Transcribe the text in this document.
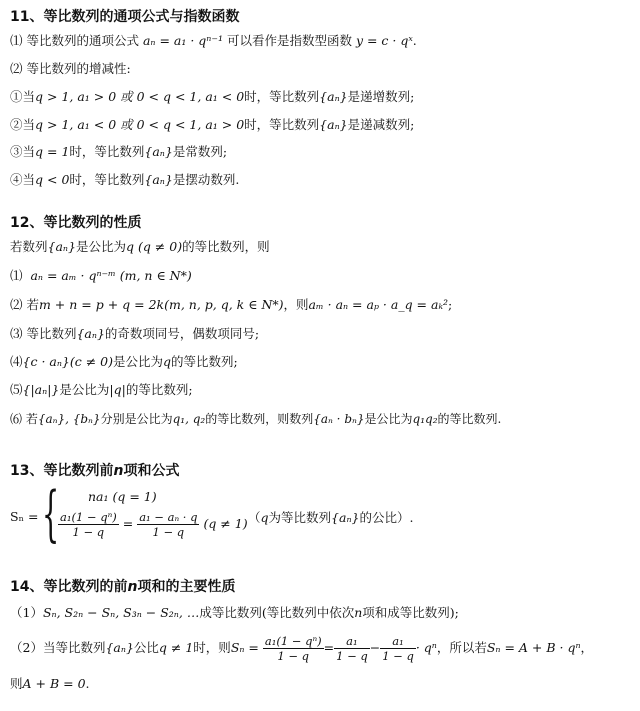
11、等比数列的通项公式与指数函数
⑴ 等比数列的通项公式 aₙ = a₁ · qⁿ⁻¹ 可以看作是指数型函数 y = c · qˣ.
⑵ 等比数列的增减性:
①当q > 1, a₁ > 0 或 0 < q < 1, a₁ < 0时，等比数列{aₙ}是递增数列;
②当q > 1, a₁ < 0 或 0 < q < 1, a₁ > 0时，等比数列{aₙ}是递减数列;
③当q = 1时，等比数列{aₙ}是常数列;
④当q < 0时，等比数列{aₙ}是摆动数列.
12、等比数列的性质
若数列{aₙ}是公比为q (q ≠ 0)的等比数列，则
⑴ aₙ = aₘ · qⁿ⁻ᵐ (m, n ∈ N*)
⑵ 若m + n = p + q = 2k(m, n, p, q, k ∈ N*)，则aₘ · aₙ = aₚ · a_q = aₖ²;
⑶ 等比数列{aₙ}的奇数项同号，偶数项同号;
⑷{c · aₙ}(c ≠ 0)是公比为q的等比数列;
⑸{|aₙ|}是公比为|q|的等比数列;
⑹ 若{aₙ}, {bₙ}分别是公比为q₁, q₂的等比数列，则数列{aₙ · bₙ}是公比为q₁q₂的等比数列.
13、等比数列前n项和公式
Sₙ = { na₁ (q = 1)
$\frac{\text{a₁(1 − qⁿ)}}{1 - q} = \frac{\text{a₁ − aₙ · q}}{1 - q} (q \ne 1)$ （q为等比数列{aₙ}的公比）.
14、等比数列的前n项和的主要性质
（1）Sₙ, S₂ₙ − Sₙ, S₃ₙ − S₂ₙ, …成等比数列(等比数列中依次n项和成等比数列);
（2）当等比数列{aₙ}公比q ≠ 1时，则$S_n = \frac{\text{a₁(1 − qⁿ)}}{1 - q} = \frac{\text{a₁}}{1 - q} - \frac{\text{a₁}}{1 - q} \cdot q^n$，所以若Sₙ = A + B · qⁿ，
则A + B = 0.
